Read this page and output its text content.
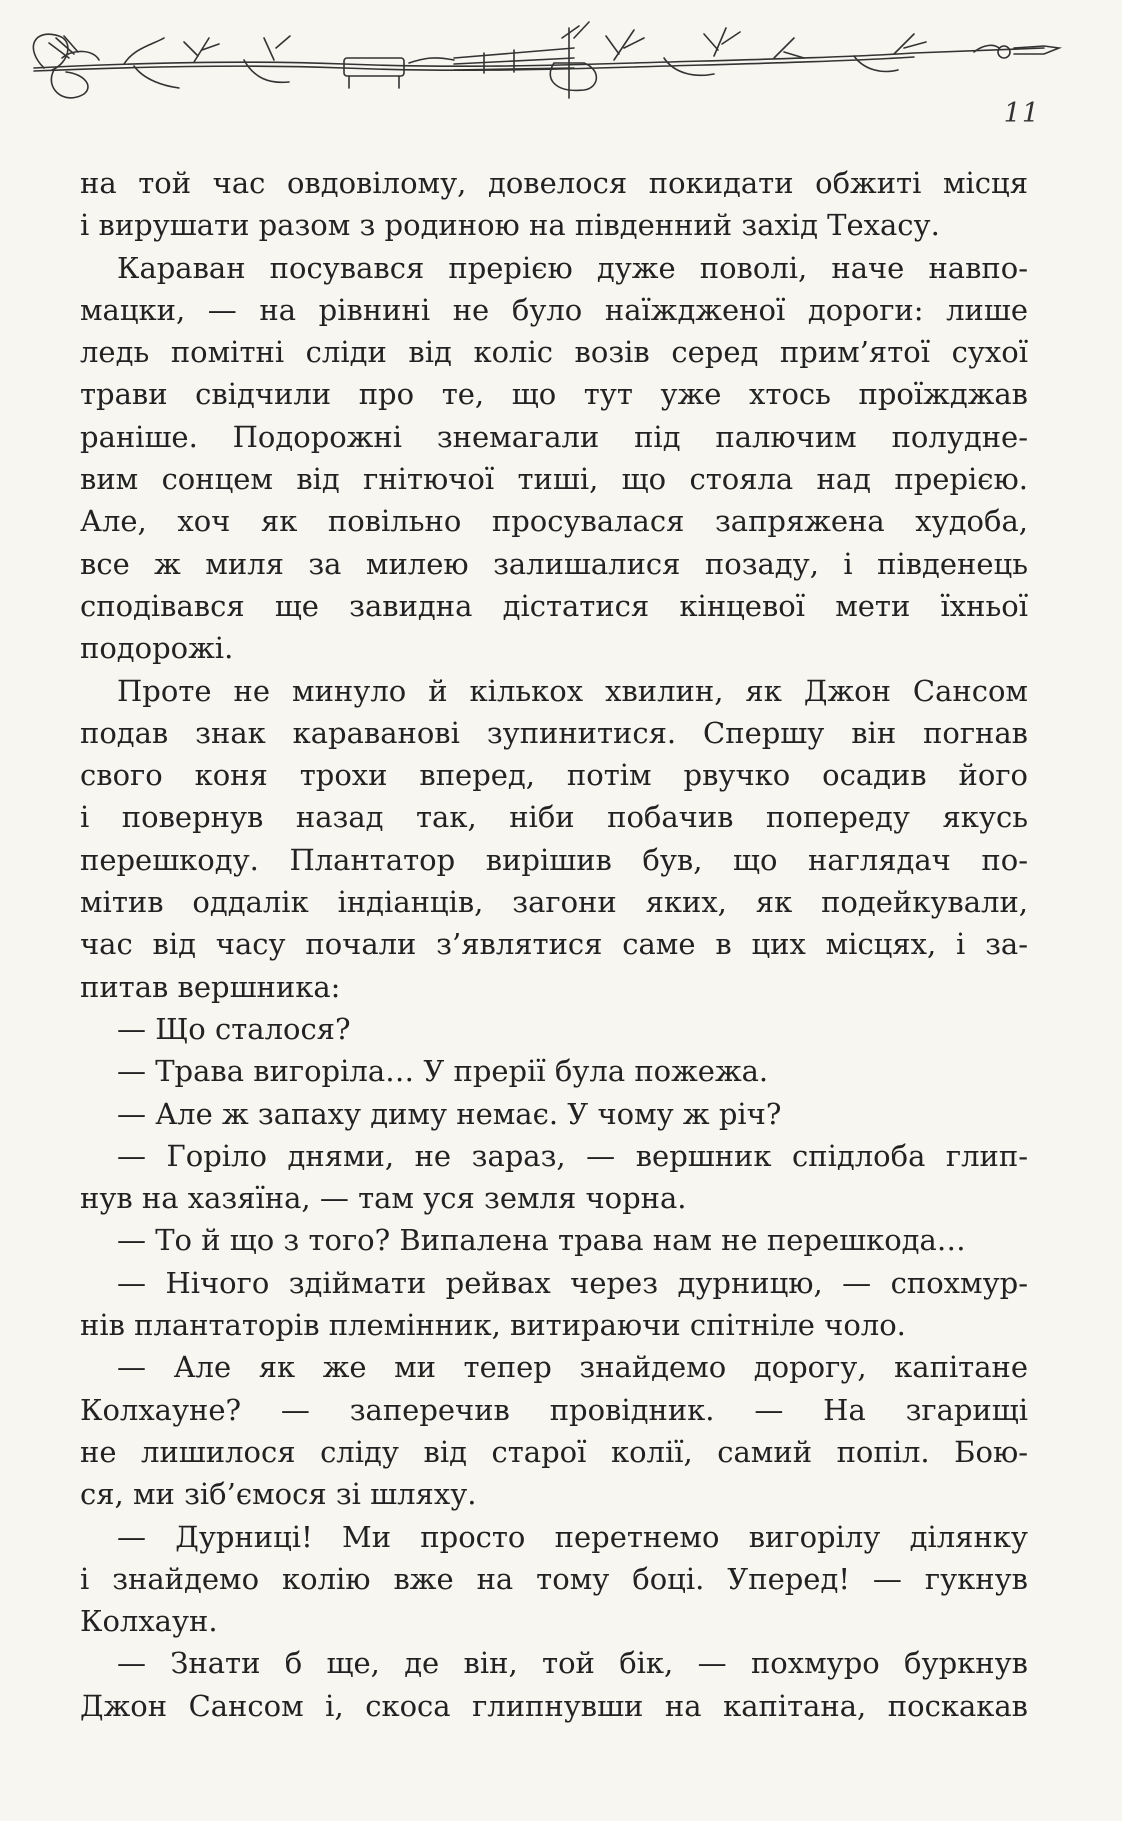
11
на той час овдовілому, довелося покидати обжиті місця
і вирушати разом з родиною на південний захід Техасу.
Караван посувався прерією дуже поволі, наче навпо-
мацки, — на рівнині не було наїждженої дороги: лише
ледь помітні сліди від коліс возів серед прим’ятої сухої
трави свідчили про те, що тут уже хтось проїжджав
раніше. Подорожні знемагали під палючим полудне-
вим сонцем від гнітючої тиші, що стояла над прерією.
Але, хоч як повільно просувалася запряжена худоба,
все ж миля за милею залишалися позаду, і південець
сподівався ще завидна дістатися кінцевої мети їхньої
подорожі.
Проте не минуло й кількох хвилин, як Джон Сансом
подав знак каравановi зупинитися. Спершу він погнав
свого коня трохи вперед, потім рвучко осадив його
і повернув назад так, ніби побачив попереду якусь
перешкоду. Плантатор вирішив був, що наглядач по-
мітив оддалік індіанців, загони яких, як подейкували,
час від часу почали з’являтися саме в цих місцях, і за-
питав вершника:
— Що сталося?
— Трава вигоріла… У прерії була пожежа.
— Але ж запаху диму немає. У чому ж річ?
— Горіло днями, не зараз, — вершник спідлоба глип-
нув на хазяїна, — там уся земля чорна.
— То й що з того? Випалена трава нам не перешкода…
— Нічого здіймати рейвах через дурницю, — спохмур-
нів плантаторів племінник, витираючи спітніле чоло.
— Але як же ми тепер знайдемо дорогу, капітане
Колхауне? — заперечив провідник. — На згарищі
не лишилося сліду від старої колії, самий попіл. Бою-
ся, ми зіб’ємося зі шляху.
— Дурниці! Ми просто перетнемо вигорілу ділянку
і знайдемо колію вже на тому боці. Уперед! — гукнув
Колхаун.
— Знати б ще, де він, той бік, — похмуро буркнув
Джон Сансом і, скоса глипнувши на капітана, поскакав
